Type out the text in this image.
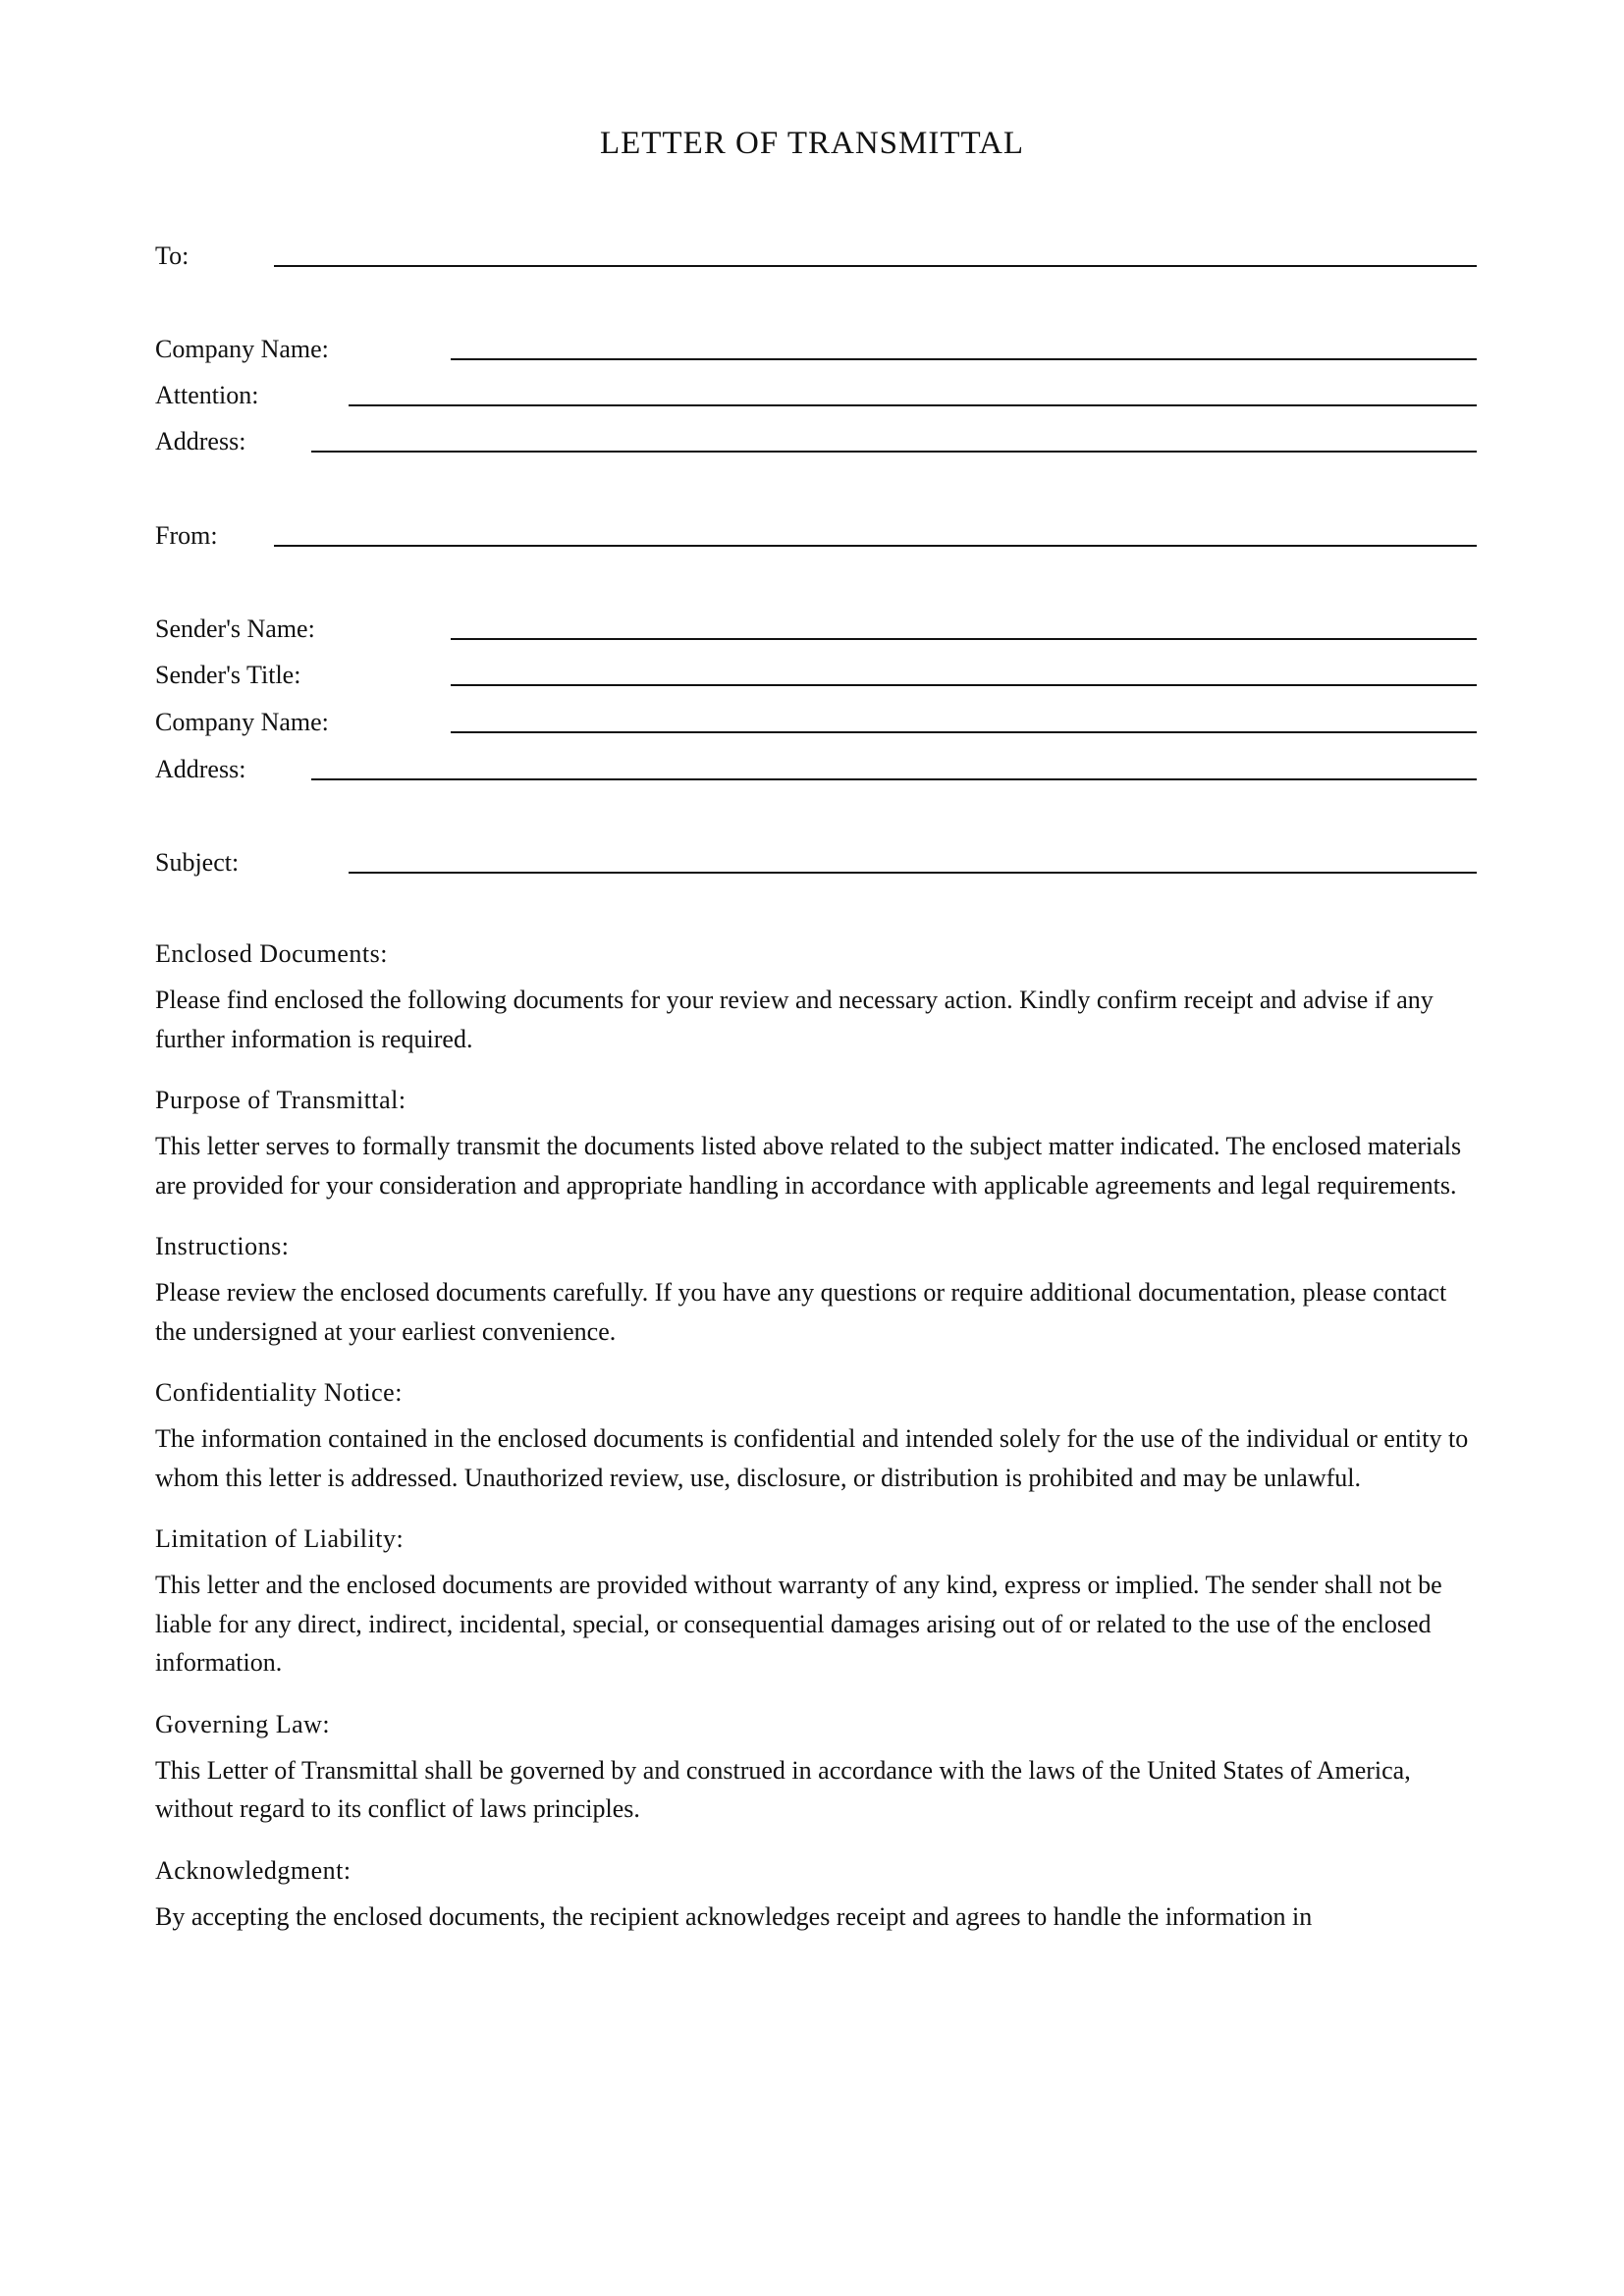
LETTER OF TRANSMITTAL
To:
Company Name:
Attention:
Address:
From:
Sender's Name:
Sender's Title:
Company Name:
Address:
Subject:
Enclosed Documents:
Please find enclosed the following documents for your review and necessary action. Kindly confirm receipt and advise if any further information is required.
Purpose of Transmittal:
This letter serves to formally transmit the documents listed above related to the subject matter indicated. The enclosed materials are provided for your consideration and appropriate handling in accordance with applicable agreements and legal requirements.
Instructions:
Please review the enclosed documents carefully. If you have any questions or require additional documentation, please contact the undersigned at your earliest convenience.
Confidentiality Notice:
The information contained in the enclosed documents is confidential and intended solely for the use of the individual or entity to whom this letter is addressed. Unauthorized review, use, disclosure, or distribution is prohibited and may be unlawful.
Limitation of Liability:
This letter and the enclosed documents are provided without warranty of any kind, express or implied. The sender shall not be liable for any direct, indirect, incidental, special, or consequential damages arising out of or related to the use of the enclosed information.
Governing Law:
This Letter of Transmittal shall be governed by and construed in accordance with the laws of the United States of America, without regard to its conflict of laws principles.
Acknowledgment:
By accepting the enclosed documents, the recipient acknowledges receipt and agrees to handle the information in
